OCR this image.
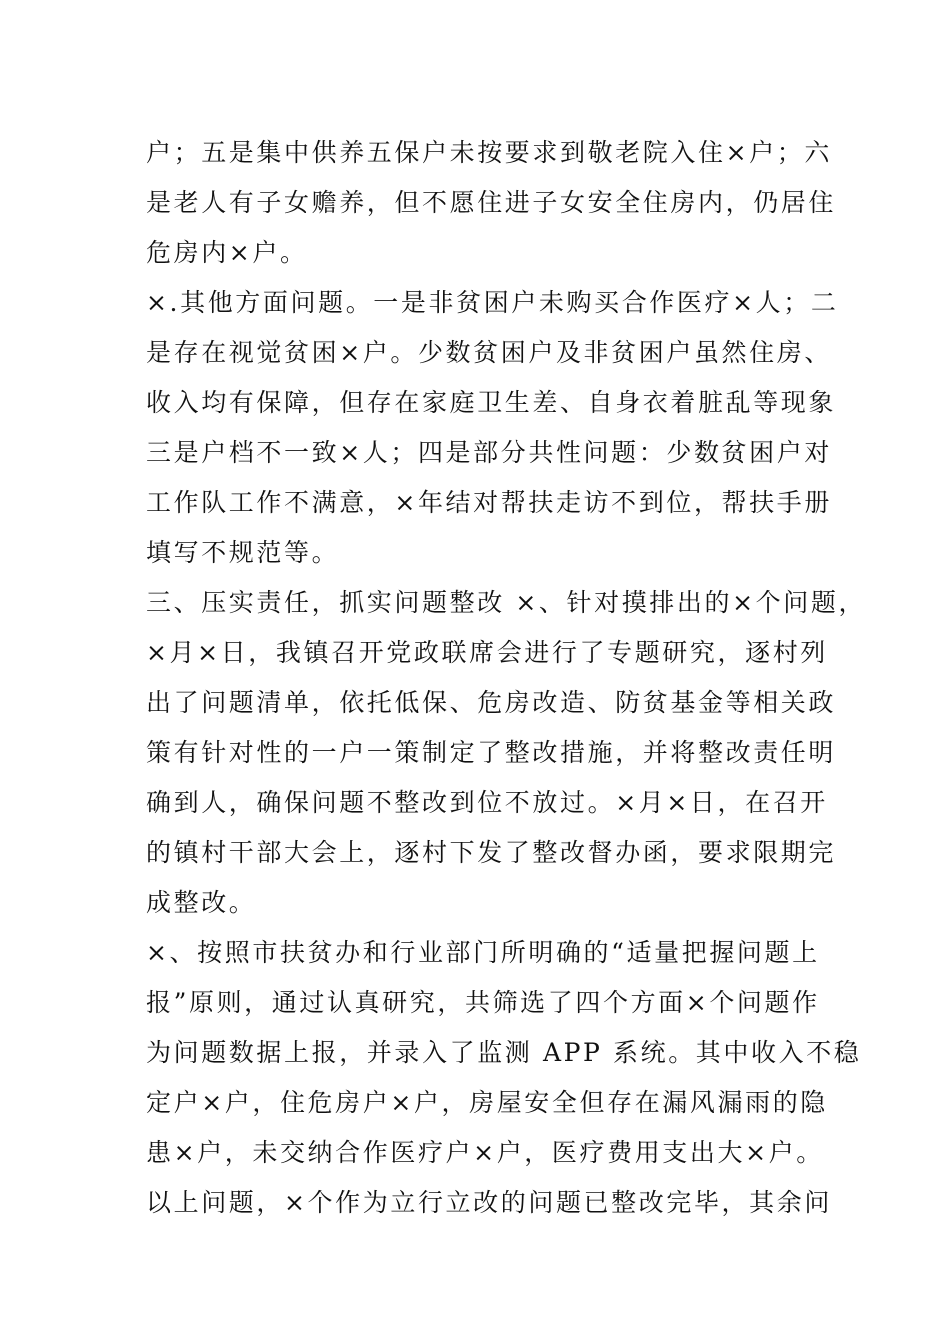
户；五是集中供养五保户未按要求到敬老院入住×户；六
是老人有子女赡养，但不愿住进子女安全住房内，仍居住
危房内×户。
×.其他方面问题。一是非贫困户未购买合作医疗×人；二
是存在视觉贫困×户。少数贫困户及非贫困户虽然住房、
收入均有保障，但存在家庭卫生差、自身衣着脏乱等现象
三是户档不一致×人；四是部分共性问题：少数贫困户对
工作队工作不满意，×年结对帮扶走访不到位，帮扶手册
填写不规范等。
三、压实责任，抓实问题整改 ×、针对摸排出的×个问题，
×月×日，我镇召开党政联席会进行了专题研究，逐村列
出了问题清单，依托低保、危房改造、防贫基金等相关政
策有针对性的一户一策制定了整改措施，并将整改责任明
确到人，确保问题不整改到位不放过。×月×日，在召开
的镇村干部大会上，逐村下发了整改督办函，要求限期完
成整改。
×、按照市扶贫办和行业部门所明确的“适量把握问题上
报”原则，通过认真研究，共筛选了四个方面×个问题作
为问题数据上报，并录入了监测 APP 系统。其中收入不稳
定户×户，住危房户×户，房屋安全但存在漏风漏雨的隐
患×户，未交纳合作医疗户×户，医疗费用支出大×户。
以上问题，×个作为立行立改的问题已整改完毕，其余问
